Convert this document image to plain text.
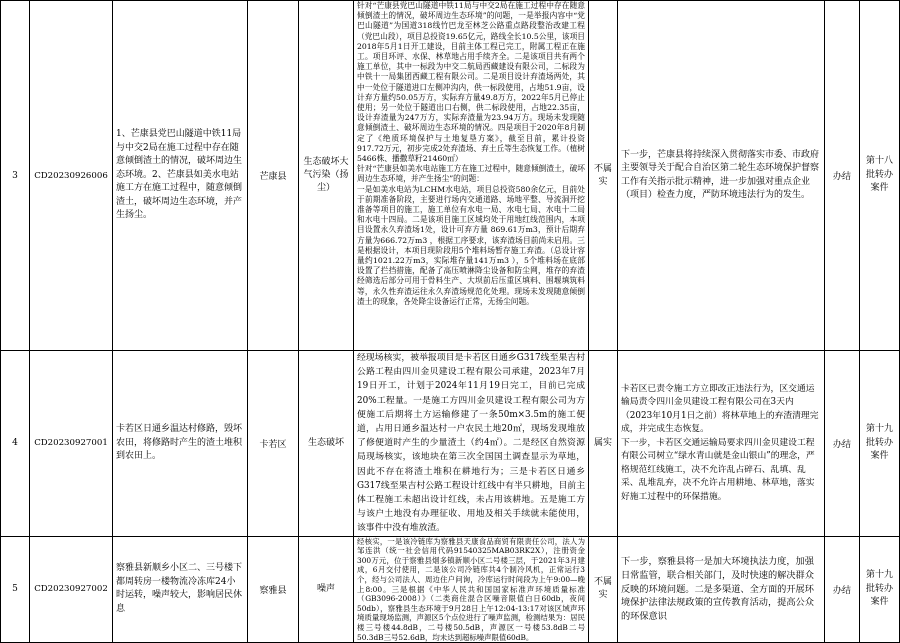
3	CD20230926006	1、芒康县党巴山隧道中铁11局与中交2局在施工过程中存在随意倾倒渣土的情况，破坏周边生态环境。2、芒康县如美水电站施工方在施工过程中，随意倾倒渣土，破坏周边生态环境，并产生扬尘。	芒康县	生态破坏大气污染（扬尘）	针对“芒康县党巴山隧道中铁11局与中交2局在施工过程中存在随意倾倒渣土的情况，破坏周边生态环境”的问题，一是举报内容中“党巴山隧道”为国道318线竹巴龙至林芝公路重点路段整治改建工程（党巴山段），项目总投资19.65亿元，路线全长10.5公里，该项目2018年5月1日开工建设，目前主体工程已完工，附属工程正在施工。项目环评、水保、林草地占用手续齐全。二是该项目共有两个施工单位，其中一标段为中交二航局西藏建设有限公司，二标段为中铁十一局集团西藏工程有限公司。二是项目设计弃渣场两处，其中一处位于隧道进口左侧冲沟内，供一标段使用，占地51.9亩，设计弃方量约50.05万方，实际弃方量49.8万方，2022年5月已停止使用；另一处位于隧道出口右侧，供二标段使用，占地22.35亩，设计弃渣量为247万方，实际弃渣量为23.94万方。现场未发现随意倾倒渣土、破坏周边生态环境的情况。四是项目于2020年8月制定了《绝质环境保护与土地复垦方案》，截至目前，累计投资917.72万元，初步完成2处弃渣场、弃土丘等生态恢复工作。（植树5466株、播撒草籽21460㎡）
针对“芒康县如美水电站施工方在施工过程中，随意倾倒渣土，破坏周边生态环境，并产生扬尘”的问题：
一是如美水电站为LCHM水电站，项目总投资580余亿元，目前处于前期准备阶段，主要进行场内交通道路、场地平整、导流洞开挖准备等项目的施工，施工单位有水电一局、水电七局、水电十二局和水电十四局。二是该项目施工区域均处于用地红线范围内，本项目设置永久弃渣场1处，设计可弃方量 869.61万m3，预计后期弃方量为666.72万m3 ，根据工序要求，该弃渣场目前尚未启用。三是根据设计，本项目现阶段用5个堆料场暂存施工弃渣。（总设计容量约1021.22万m3，实际堆存量141万m3 ），5个堆料场在底部设置了拦挡措施，配备了高压喷淋降尘设备和防尘网，堆存的弃渣经筛选后部分可用于骨料生产、大坝前后压重区填料、围堰填筑料等，永久性弃渣运往永久弃渣场规范化处理。现场未发现随意倾倒渣土的现象，各处降尘设备运行正常，无扬尘问题。	不属实	下一步，芒康县将持续深入贯彻落实市委、市政府主要领导关于配合自治区第二轮生态环境保护督察工作有关指示批示精神，进一步加强对重点企业（项目）检查力度，严防环境违法行为的发生。	办结	第十八批转办案件
4	CD20230927001	卡若区日通乡温达村修路，毁坏农田，将修路时产生的渣土堆积到农田上。	卡若区	生态破坏	经现场核实，被举报项目是卡若区日通乡G317线至果吉村公路工程由四川金贝建设工程有限公司承建，2023年7月19日开工，计划于2024年11月19日完工，目前已完成20%工程量。一是施工方四川金贝建设工程有限公司为方便施工后期将土方运输修建了一条50m×3.5m的施工便道，占用日通乡温达村一户农民土地20㎡，现场发现堆放了修便道时产生的少量渣土（约4㎡）。二是经区自然资源局现场核实，该地块在第三次全国国土调查显示为草地，因此不存在将渣土堆积在耕地行为；三是卡若区日通乡G317线至果吉村公路工程设计红线中有半只耕地，目前主体工程施工未超出设计红线，未占用该耕地。五是施工方与该户土地没有办理征收、用地及相关手续就未能使用，该事件中没有堆放渣。	属实	卡若区已责令施工方立即改正违法行为，区交通运输局责令四川金贝建设工程有限公司在3天内（2023年10月1日之前）将林草地上的弃渣清理完成，并完成生态恢复。
下一步，卡若区交通运输局要求四川金贝建设工程有限公司树立“绿水青山就是金山银山”的理念，严格规范红线施工，决不允许乱占碎石、乱填、乱采、乱堆乱弃，决不允许占用耕地、林草地，落实好施工过程中的环保措施。	办结	第十九批转办案件
5	CD20230927002	察雅县新顺乡小区二、三号楼下都周转房一楼物流冷冻库24小时运转，噪声较大，影响居民休息	察雅县	噪声	经核实，一是该冷链库为察雅县天康食品商贸有限责任公司，法人为邹连洪（统一社会信用代码91540325MAB03RK2X），注册资金300万元，位于察雅县烟多镇新顺小区二号楼三层，于2021年3月建成，6月交付使用，二是该公司冷链库共4个制冷风机，正常运行3个，经与公司法人、周边住户问询，冷库运行时间段为上午9:00—晚上8:00。三是根据《中华人民共和国国家标准声环境质量标准（GB3096-2008）》（二类商住混合区噪音限值白日60db，夜间50db），察雅县生态环境于9月28日上午12:04-13:17对该区域声环境质量现场监测，声源区5个点位进行了噪声监测，检测结果为：居民楼三号楼44.8dB，二号楼50.5dB，声源区一号楼53.8dB二号50.3dB三号52.6dB，均未达到超标噪声限值60dB。	不属实	下一步，察雅县将一是加大环境执法力度，加强日常监管，联合相关部门，及时快速的解决群众反映的环境问题。二是多渠道、全方面的开展环境保护法律法规政策的宣传教育活动，提高公众的环保意识	办结	第十九批转办案件
